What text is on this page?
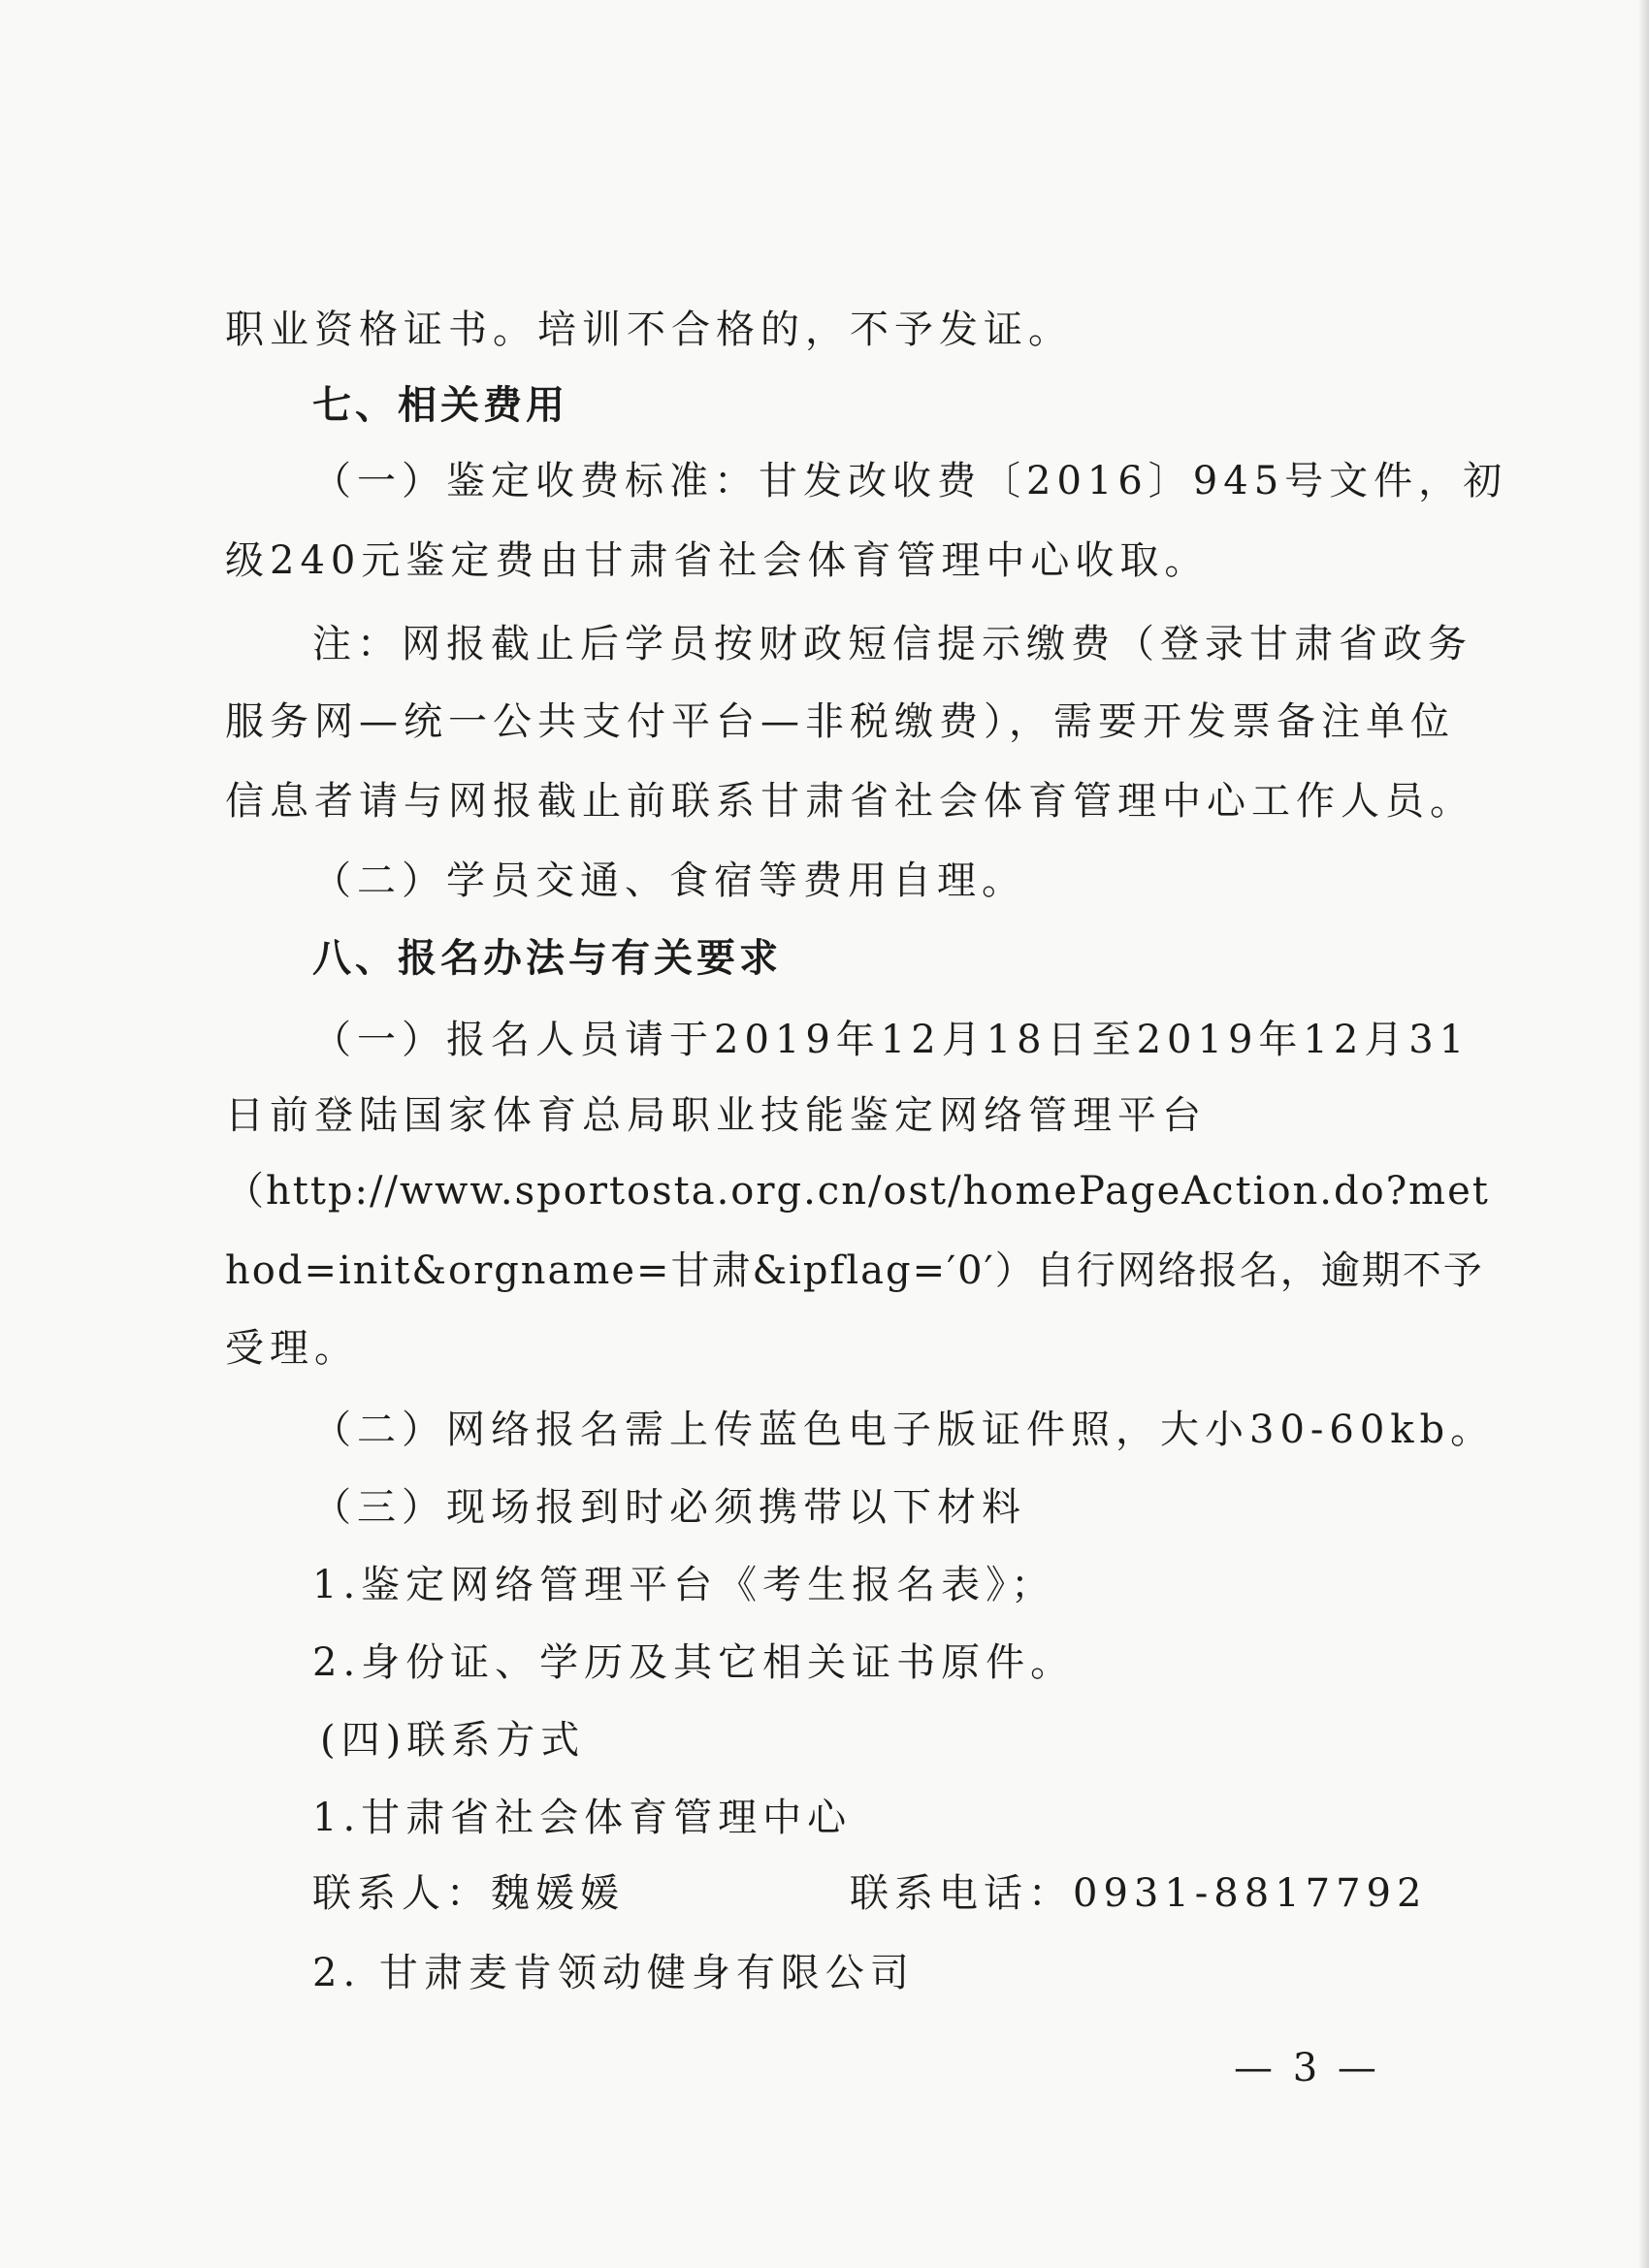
职业资格证书。培训不合格的，不予发证。
七、相关费用
（一）鉴定收费标准：甘发改收费〔2016〕945号文件，初
级240元鉴定费由甘肃省社会体育管理中心收取。
注：网报截止后学员按财政短信提示缴费（登录甘肃省政务
服务网—统一公共支付平台—非税缴费），需要开发票备注单位
信息者请与网报截止前联系甘肃省社会体育管理中心工作人员。
（二）学员交通、食宿等费用自理。
八、报名办法与有关要求
（一）报名人员请于2019年12月18日至2019年12月31
日前登陆国家体育总局职业技能鉴定网络管理平台
（http://www.sportosta.org.cn/ost/homePageAction.do?met
hod=init&orgname=甘肃&ipflag=′0′）自行网络报名，逾期不予
受理。
（二）网络报名需上传蓝色电子版证件照，大小30-60kb。
（三）现场报到时必须携带以下材料
1.鉴定网络管理平台《考生报名表》；
2.身份证、学历及其它相关证书原件。
(四)联系方式
1.甘肃省社会体育管理中心
联系人：魏媛媛	联系电话：0931-8817792
2. 甘肃麦肯领动健身有限公司
— 3 —
